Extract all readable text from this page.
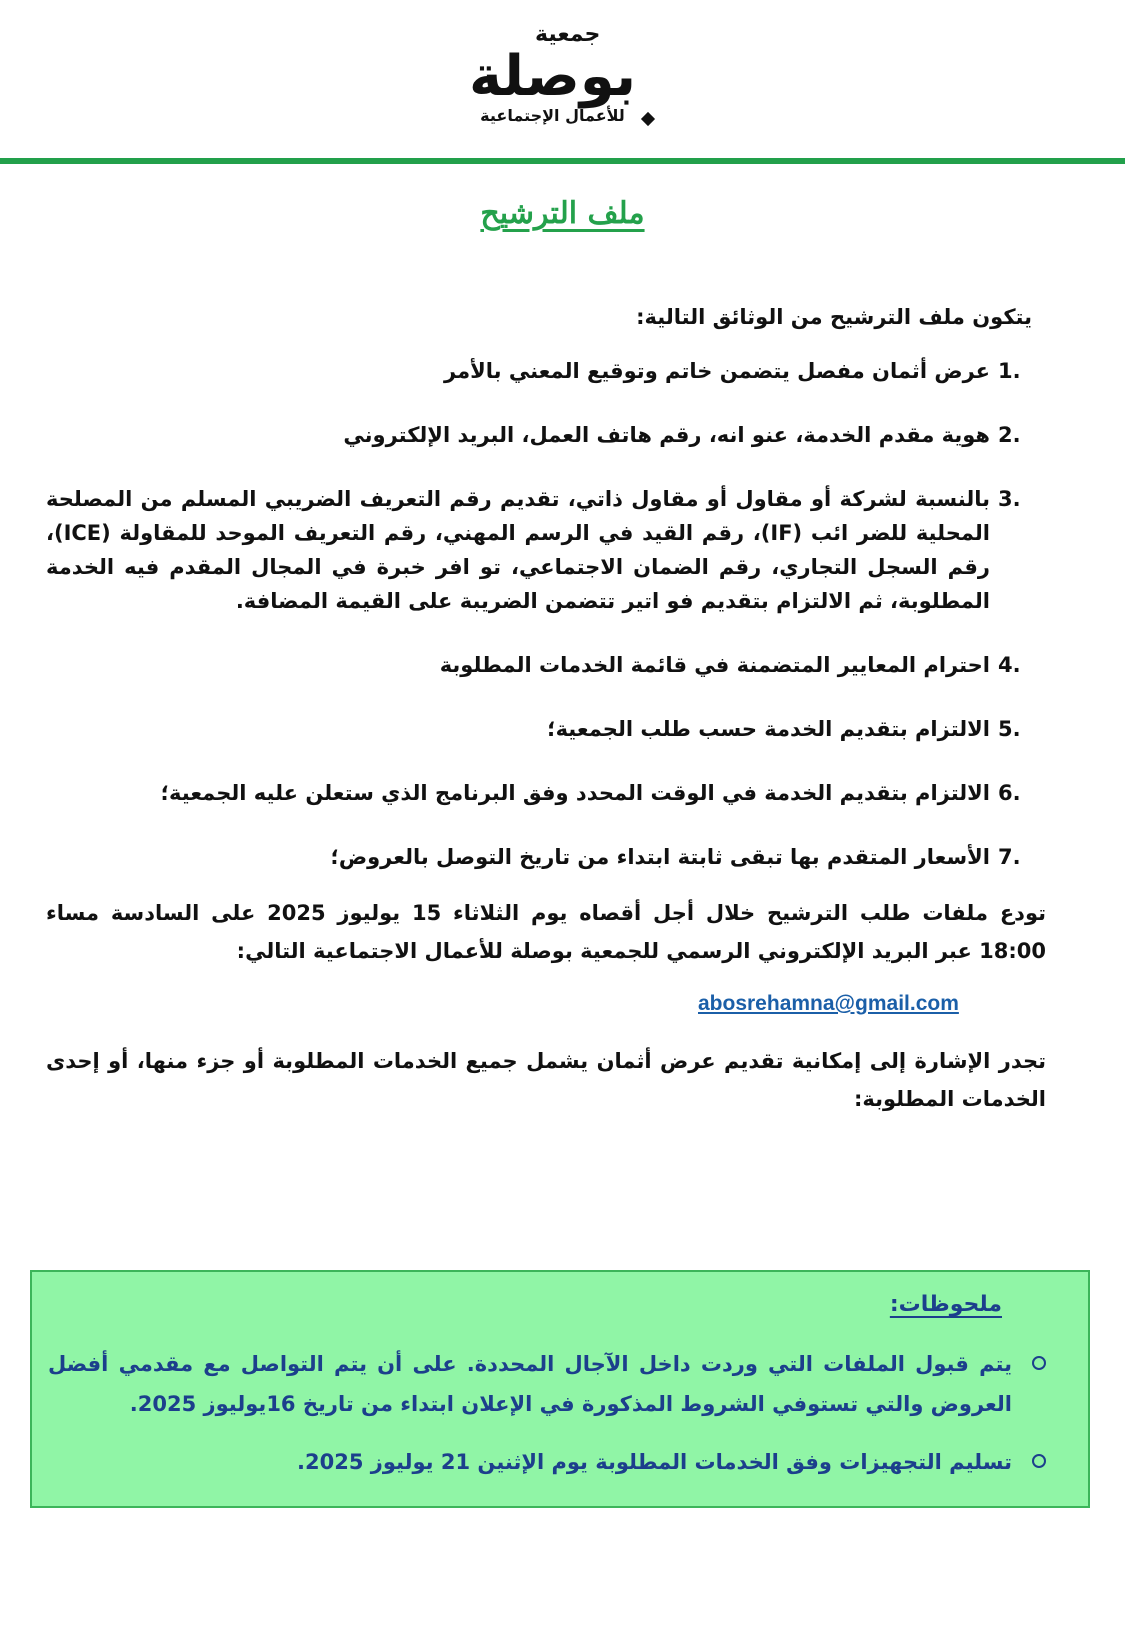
جمعية
بوصلة
للأعمال الإجتماعية
ملف الترشيح
يتكون ملف الترشيح من الوثائق التالية:
1.
عرض أثمان مفصل يتضمن خاتم وتوقيع المعني بالأمر
2.
هوية مقدم الخدمة، عنو انه، رقم هاتف العمل، البريد الإلكتروني
3.
بالنسبة لشركة أو مقاول أو مقاول ذاتي، تقديم رقم التعريف الضريبي المسلم من المصلحة المحلية للضر ائب (IF)، رقم القيد في الرسم المهني، رقم التعريف الموحد للمقاولة (ICE)، رقم السجل التجاري، رقم الضمان الاجتماعي، تو افر خبرة في المجال المقدم فيه الخدمة المطلوبة، ثم الالتزام بتقديم فو اتير تتضمن الضريبة على القيمة المضافة.
4.
احترام المعايير المتضمنة في قائمة الخدمات المطلوبة
5.
الالتزام بتقديم الخدمة حسب طلب الجمعية؛
6.
الالتزام بتقديم الخدمة في الوقت المحدد وفق البرنامج الذي ستعلن عليه الجمعية؛
7.
الأسعار المتقدم بها تبقى ثابتة ابتداء من تاريخ التوصل بالعروض؛
تودع ملفات طلب الترشيح خلال أجل أقصاه يوم الثلاثاء 15 يوليوز 2025 على السادسة مساء 18:00 عبر البريد الإلكتروني الرسمي للجمعية بوصلة للأعمال الاجتماعية التالي:
abosrehamna@gmail.com
تجدر الإشارة إلى إمكانية تقديم عرض أثمان يشمل جميع الخدمات المطلوبة أو جزء منها، أو إحدى الخدمات المطلوبة:
ملحوظات:
يتم قبول الملفات التي وردت داخل الآجال المحددة. على أن يتم التواصل مع مقدمي أفضل العروض والتي تستوفي الشروط المذكورة في الإعلان ابتداء من تاريخ 16يوليوز 2025.
تسليم التجهيزات وفق الخدمات المطلوبة يوم الإثنين 21 يوليوز 2025.
